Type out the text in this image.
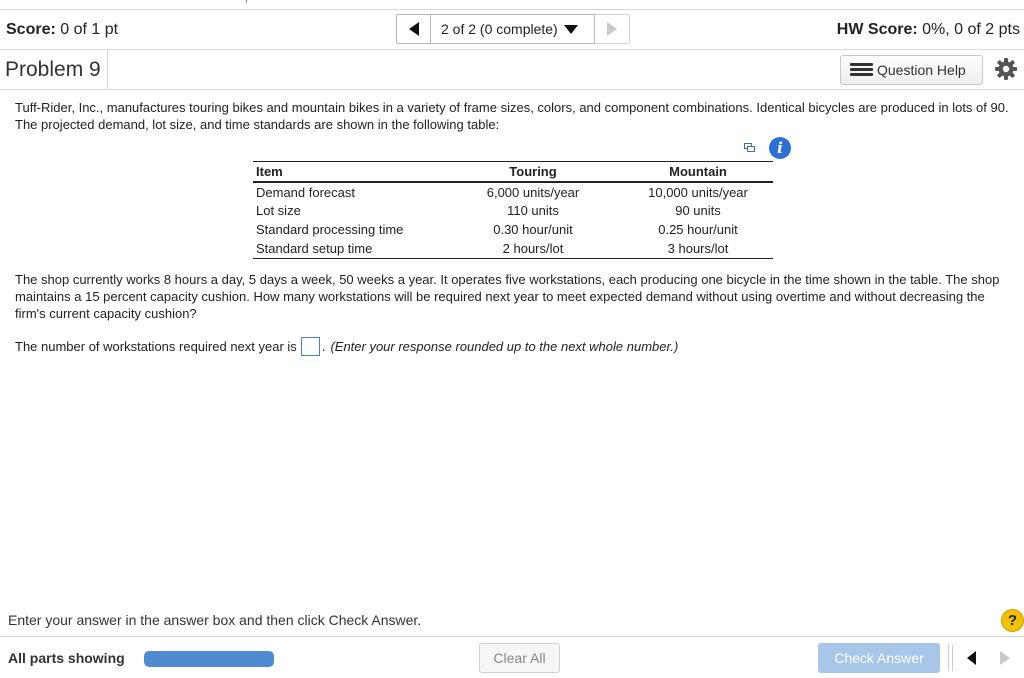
Score: 0 of 1 pt	2 of 2 (0 complete)	HW Score: 0%, 0 of 2 pts
Problem 9	Question Help
Tuff-Rider, Inc., manufactures touring bikes and mountain bikes in a variety of frame sizes, colors, and component combinations. Identical bicycles are produced in lots of 90. The projected demand, lot size, and time standards are shown in the following table:
i
Item	Touring	Mountain
Demand forecast	6,000 units/year	10,000 units/year
Lot size	110 units	90 units
Standard processing time	0.30 hour/unit	0.25 hour/unit
Standard setup time	2 hours/lot	3 hours/lot
The shop currently works 8 hours a day, 5 days a week, 50 weeks a year. It operates five workstations, each producing one bicycle in the time shown in the table. The shop maintains a 15 percent capacity cushion. How many workstations will be required next year to meet expected demand without using overtime and without decreasing the firm's current capacity cushion?
The number of workstations required next year is . (Enter your response rounded up to the next whole number.)
Enter your answer in the answer box and then click Check Answer.	?
All parts showing	Clear All	Check Answer
